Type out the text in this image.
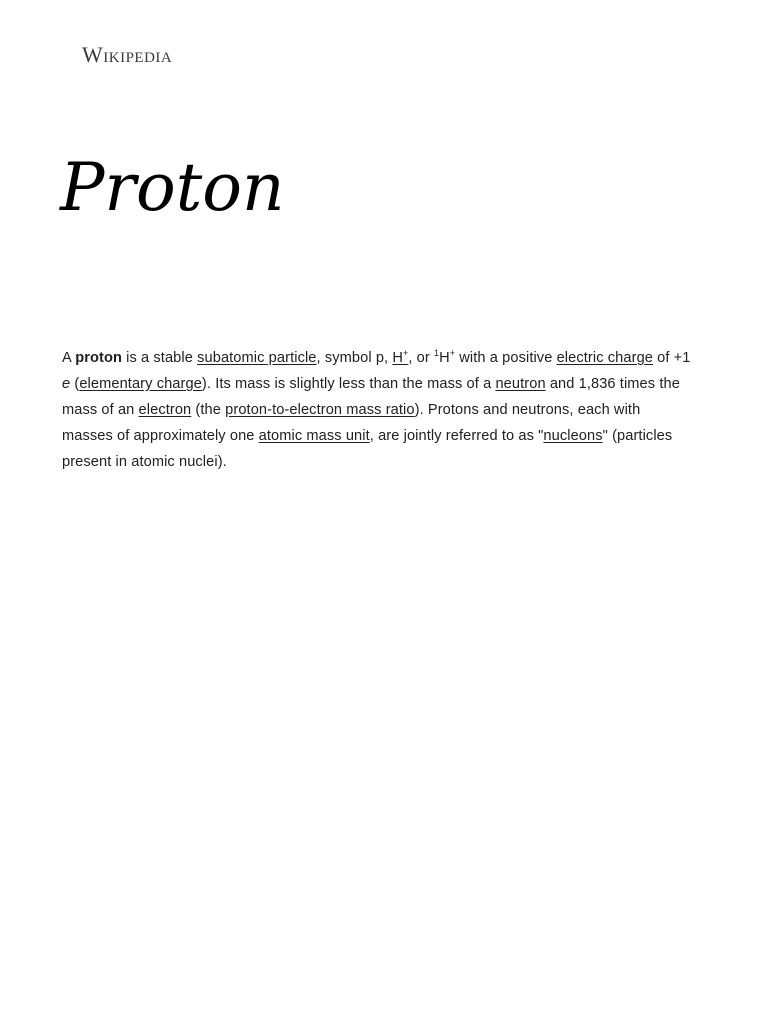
Wikipedia
Proton

A proton is a stable subatomic particle, symbol p, H+, or $^1$H+ with a positive electric charge of +1 e (elementary charge). Its mass is slightly less than the mass of a neutron and 1,836 times the mass of an electron (the proton-to-electron mass ratio). Protons and neutrons, each with masses of approximately one atomic mass unit, are jointly referred to as "nucleons" (particles present in atomic nuclei).
